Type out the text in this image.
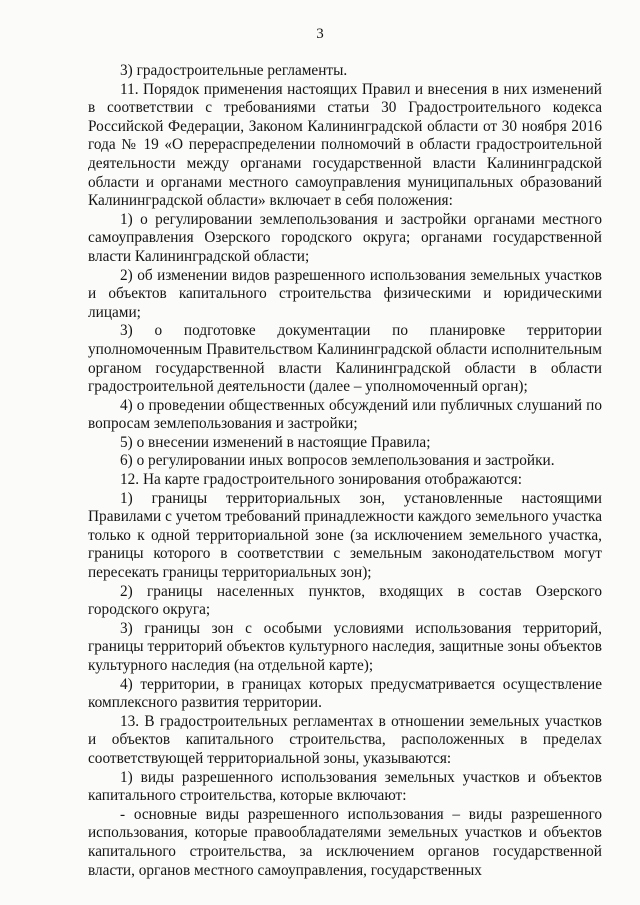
3

3) градостроительные регламенты.

11. Порядок применения настоящих Правил и внесения в них изменений в соответствии с требованиями статьи 30 Градостроительного кодекса Российской Федерации, Законом Калининградской области от 30 ноября 2016 года № 19 «О перераспределении полномочий в области градостроительной деятельности между органами государственной власти Калининградской области и органами местного самоуправления муниципальных образований Калининградской области» включает в себя положения:

1) о регулировании землепользования и застройки органами местного самоуправления Озерского городского округа; органами государственной власти Калининградской области;

2) об изменении видов разрешенного использования земельных участков и объектов капитального строительства физическими и юридическими лицами;

3) о подготовке документации по планировке территории уполномоченным Правительством Калининградской области исполнительным органом государственной власти Калининградской области в области градостроительной деятельности (далее – уполномоченный орган);

4) о проведении общественных обсуждений или публичных слушаний по вопросам землепользования и застройки;

5) о внесении изменений в настоящие Правила;

6) о регулировании иных вопросов землепользования и застройки.

12. На карте градостроительного зонирования отображаются:

1) границы территориальных зон, установленные настоящими Правилами с учетом требований принадлежности каждого земельного участка только к одной территориальной зоне (за исключением земельного участка, границы которого в соответствии с земельным законодательством могут пересекать границы территориальных зон);

2) границы населенных пунктов, входящих в состав Озерского городского округа;

3) границы зон с особыми условиями использования территорий, границы территорий объектов культурного наследия, защитные зоны объектов культурного наследия (на отдельной карте);

4) территории, в границах которых предусматривается осуществление комплексного развития территории.

13. В градостроительных регламентах в отношении земельных участков и объектов капитального строительства, расположенных в пределах соответствующей территориальной зоны, указываются:

1) виды разрешенного использования земельных участков и объектов капитального строительства, которые включают:

- основные виды разрешенного использования – виды разрешенного использования, которые правообладателями земельных участков и объектов капитального строительства, за исключением органов государственной власти, органов местного самоуправления, государственных
